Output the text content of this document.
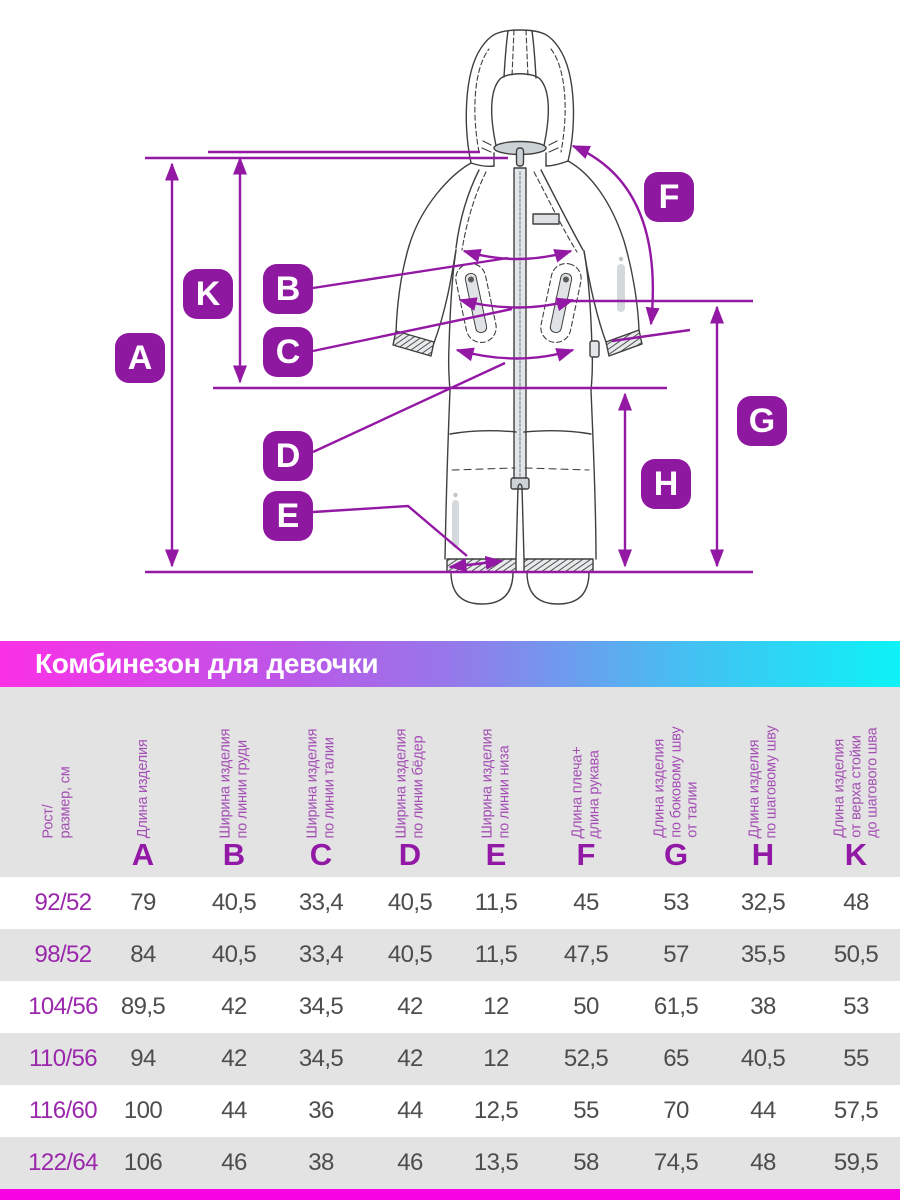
A
K	B
C
D
E
F
G
H
Комбинезон для девочки
Длина изделия от верха стойки до шагового шва
Длина изделия по шаговому шву
Длина изделия по боковому шву от талии
Длина плеча+ длина рукава
Ширина изделия по линии низа
Ширина изделия по линии бёдер
Ширина изделия по линии талии
Ширина изделия по линии груди
Длина изделия
Рост/ размер, см
92/52	79	40,5	33,4	40,5	11,5	45	53	32,5	48
98/52	84	40,5	33,4	40,5	11,5	47,5	57	35,5	50,5
104/56 89,5	42	34,5	42	12	50	61,5	38	53
110/56	94	42	34,5	42	12	52,5	65	40,5	55
116/60	100	44	36	44	12,5	55	70	44	57,5
122/64	106	46	38	46	13,5	58	74,5	48	59,5
A	B	C	D	E	F	G	H	K
